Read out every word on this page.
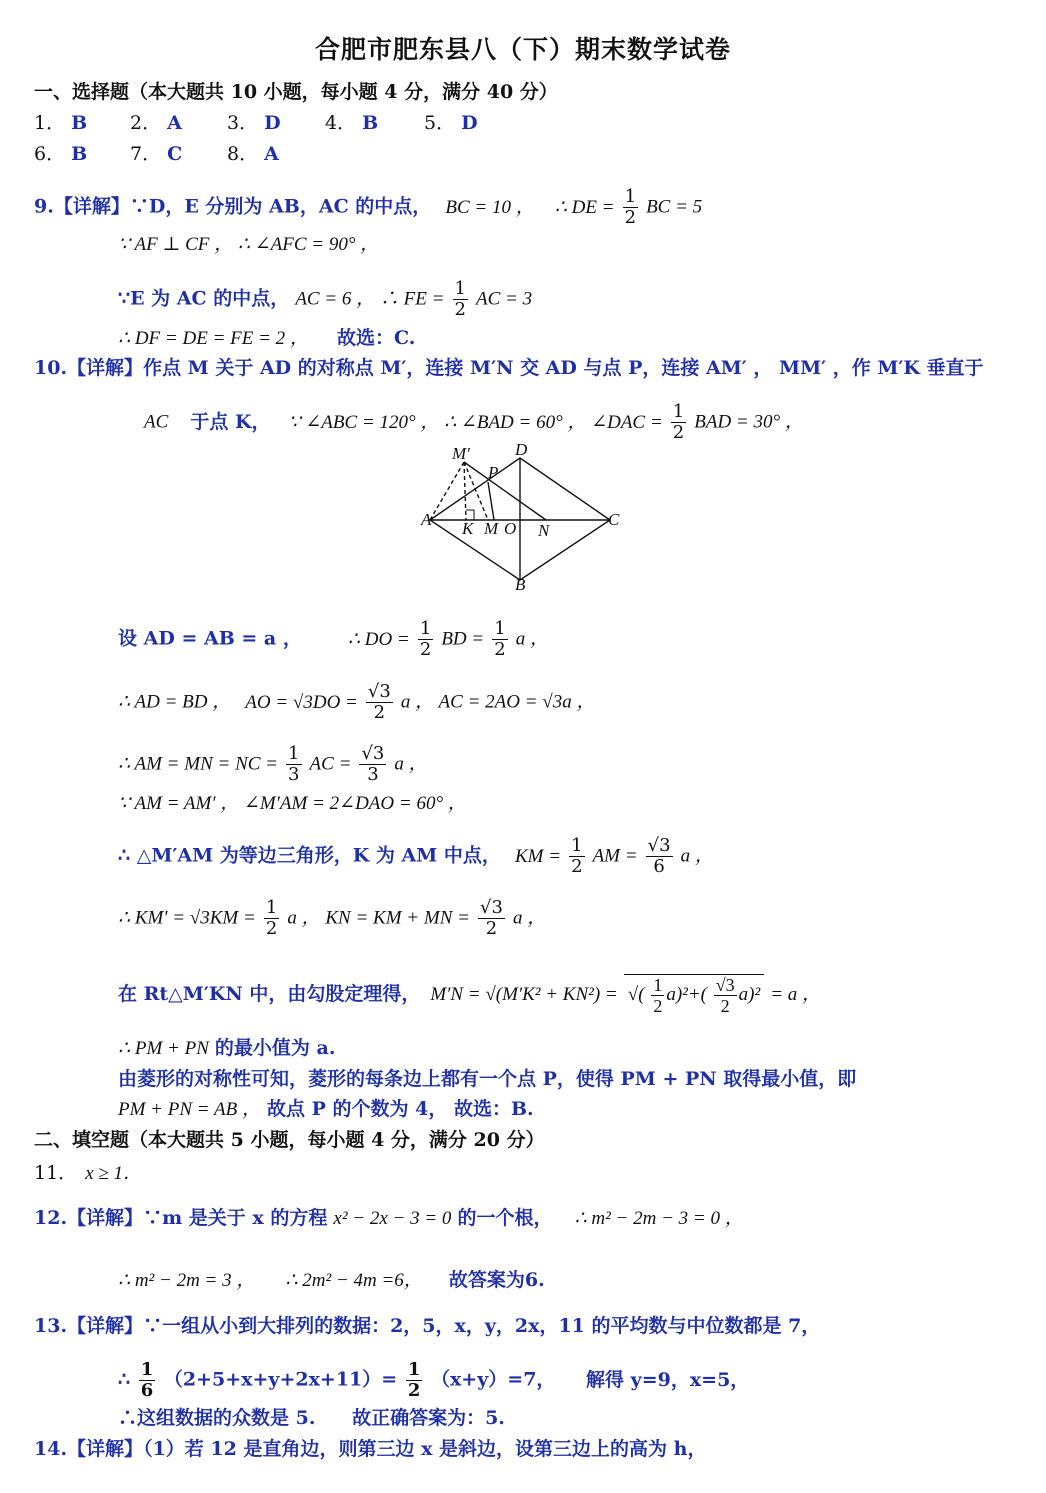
合肥市肥东县八（下）期末数学试卷
一、选择题（本大题共 10 小题，每小题 4 分，满分 40 分）
1． B 2． A 3． D 4． B 5． D
6． B 7． C 8． A
9.【详解】∵D，E 分别为 AB，AC 的中点， BC = 10 ， ∴ DE = $\frac{1}{2}$ BC = 5
∵ AF ⊥ CF ， ∴ ∠AFC = 90° ，
∵E 为 AC 的中点， AC = 6 ， ∴ FE = $\frac{1}{2}$ AC = 3
∴ DF = DE = FE = 2 ， 故选：C.
10.【详解】作点 M 关于 AD 的对称点 M′，连接 M′N 交 AD 与点 P，连接 AM′ ， MM′ ，作 M′K 垂直于
AC 于点 K， ∵ ∠ABC = 120° ， ∴ ∠BAD = 60° ， ∠DAC = $\frac{1}{2}$ BAD = 30° ，
M′
P
D
A K M O N
C
B
设 AD = AB = a ， ∴ DO = $\frac{1}{2}$ BD = $\frac{1}{2}$ a ，
∴ AD = BD ， AO = $√3DO = \frac{√3}{2}$ a ， AC = 2AO = √3a ，
∴ AM = MN = NC = $\frac{1}{3}$ AC = $\frac{√3}{3}$ a ，
∵ AM = AM′ ， ∠M′AM = 2∠DAO = 60° ，
∴ △M′AM 为等边三角形，K 为 AM 中点， KM = $\frac{1}{2}$ AM = $\frac{√3}{6}$ a ，
∴ $KM' = √3KM = \frac{1}{2}$ a ， KN = KM + MN = $\frac{√3}{2}$ a ，
在 Rt△M′KN 中，由勾股定理得， M′N = √(M′K² + KN²) = √( $\frac{1}{2} a)^2+( \frac{√3}{2} a)^2 = a$ ，
∴ PM + PN 的最小值为 a.
由菱形的对称性可知，菱形的每条边上都有一个点 P，使得 PM + PN 取得最小值，即
PM + PN = AB ， 故点 P 的个数为 4， 故选：B.
二、填空题（本大题共 5 小题，每小题 4 分，满分 20 分）
11． x ≥ 1．
12.【详解】∵m 是关于 x 的方程 x² − 2x − 3 = 0 的一个根， ∴ m² − 2m − 3 = 0 ，
∴ m² − 2m = 3 ， ∴ 2m² − 4m =6， 故答案为6.
13.【详解】∵一组从小到大排列的数据：2，5，x，y，2x，11 的平均数与中位数都是 7，
∴ $\frac{1}{6} (2+5+x+y+2x+11)= \frac{1}{2} (x+y)=7$， 解得 y=9，x=5，
∴这组数据的众数是 5. 故正确答案为：5.
14.【详解】（1）若 12 是直角边，则第三边 x 是斜边，设第三边上的高为 h，
